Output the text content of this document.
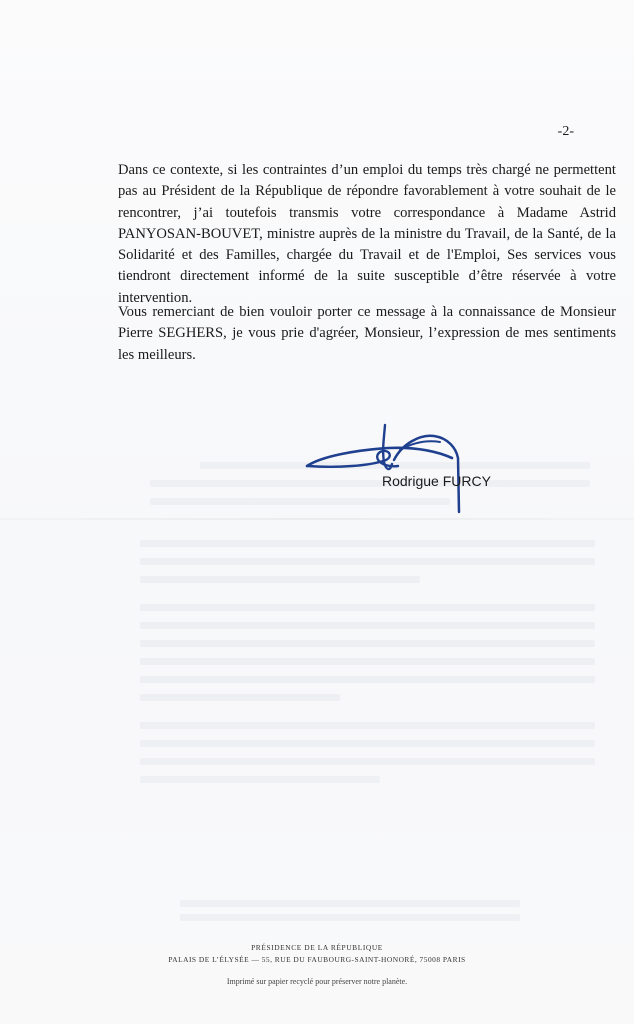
-2-

Dans ce contexte, si les contraintes d’un emploi du temps très chargé ne permettent pas au Président de la République de répondre favorablement à votre souhait de le rencontrer, j’ai toutefois transmis votre correspondance à Madame Astrid PANYOSAN-BOUVET, ministre auprès de la ministre du Travail, de la Santé, de la Solidarité et des Familles, chargée du Travail et de l'Emploi, Ses services vous tiendront directement informé de la suite susceptible d’être réservée à votre intervention.

Vous remerciant de bien vouloir porter ce message à la connaissance de Monsieur Pierre SEGHERS, je vous prie d'agréer, Monsieur, l’expression de mes sentiments les meilleurs.

Rodrigue FURCY
PRÉSIDENCE DE LA RÉPUBLIQUE
PALAIS DE L’ÉLYSÉE — 55, RUE DU FAUBOURG-SAINT-HONORÉ, 75008 PARIS
Imprimé sur papier recyclé pour préserver notre planète.
